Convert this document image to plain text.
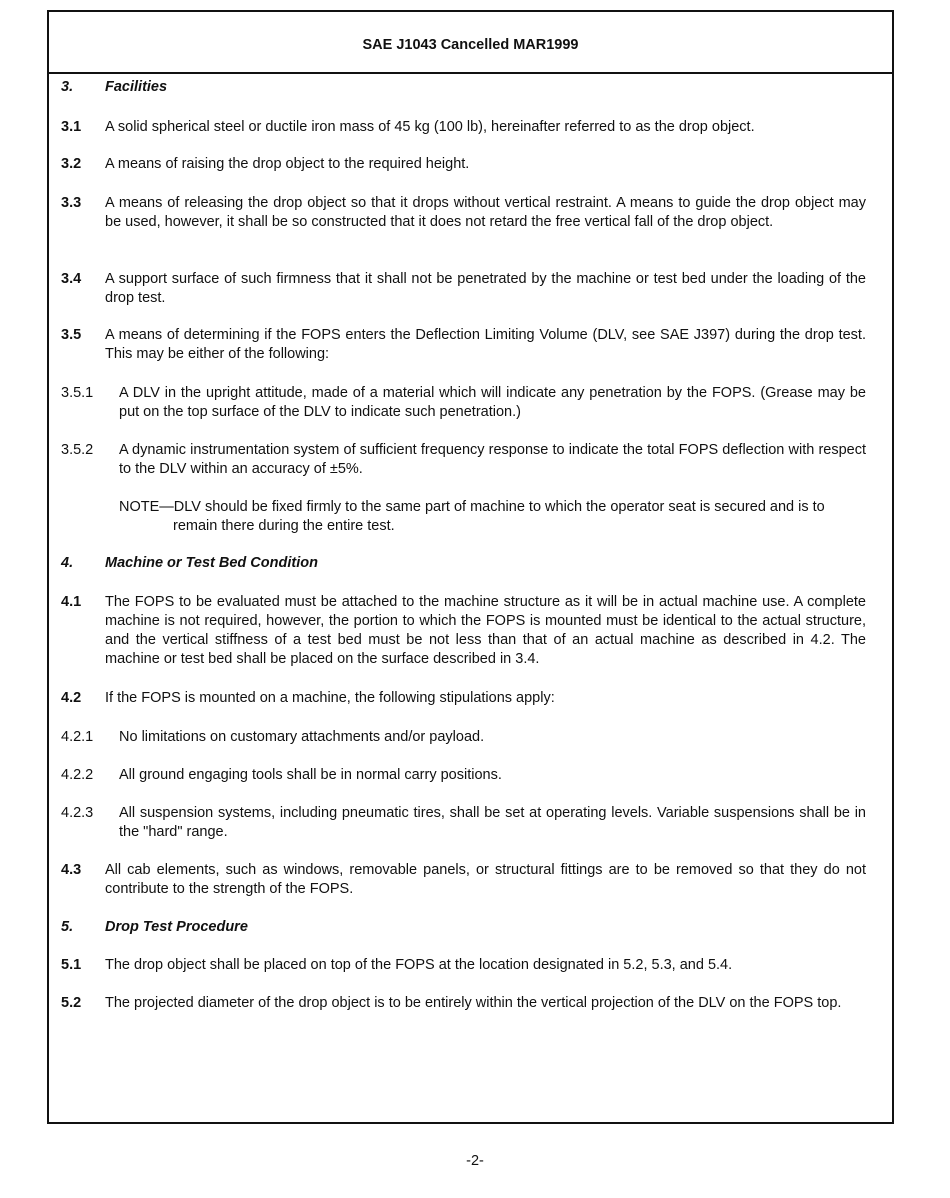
SAE J1043 Cancelled MAR1999
3.	Facilities
3.1	A solid spherical steel or ductile iron mass of 45 kg (100 lb), hereinafter referred to as the drop object.
3.2	A means of raising the drop object to the required height.
3.3	A means of releasing the drop object so that it drops without vertical restraint. A means to guide the drop object may be used, however, it shall be so constructed that it does not retard the free vertical fall of the drop object.
3.4	A support surface of such firmness that it shall not be penetrated by the machine or test bed under the loading of the drop test.
3.5	A means of determining if the FOPS enters the Deflection Limiting Volume (DLV, see SAE J397) during the drop test. This may be either of the following:
3.5.1	A DLV in the upright attitude, made of a material which will indicate any penetration by the FOPS. (Grease may be put on the top surface of the DLV to indicate such penetration.)
3.5.2	A dynamic instrumentation system of sufficient frequency response to indicate the total FOPS deflection with respect to the DLV within an accuracy of ±5%.
NOTE—DLV should be fixed firmly to the same part of machine to which the operator seat is secured and is to remain there during the entire test.
4.	Machine or Test Bed Condition
4.1	The FOPS to be evaluated must be attached to the machine structure as it will be in actual machine use. A complete machine is not required, however, the portion to which the FOPS is mounted must be identical to the actual structure, and the vertical stiffness of a test bed must be not less than that of an actual machine as described in 4.2. The machine or test bed shall be placed on the surface described in 3.4.
4.2	If the FOPS is mounted on a machine, the following stipulations apply:
4.2.1	No limitations on customary attachments and/or payload.
4.2.2	All ground engaging tools shall be in normal carry positions.
4.2.3	All suspension systems, including pneumatic tires, shall be set at operating levels. Variable suspensions shall be in the "hard" range.
4.3	All cab elements, such as windows, removable panels, or structural fittings are to be removed so that they do not contribute to the strength of the FOPS.
5.	Drop Test Procedure
5.1	The drop object shall be placed on top of the FOPS at the location designated in 5.2, 5.3, and 5.4.
5.2	The projected diameter of the drop object is to be entirely within the vertical projection of the DLV on the FOPS top.
-2-
